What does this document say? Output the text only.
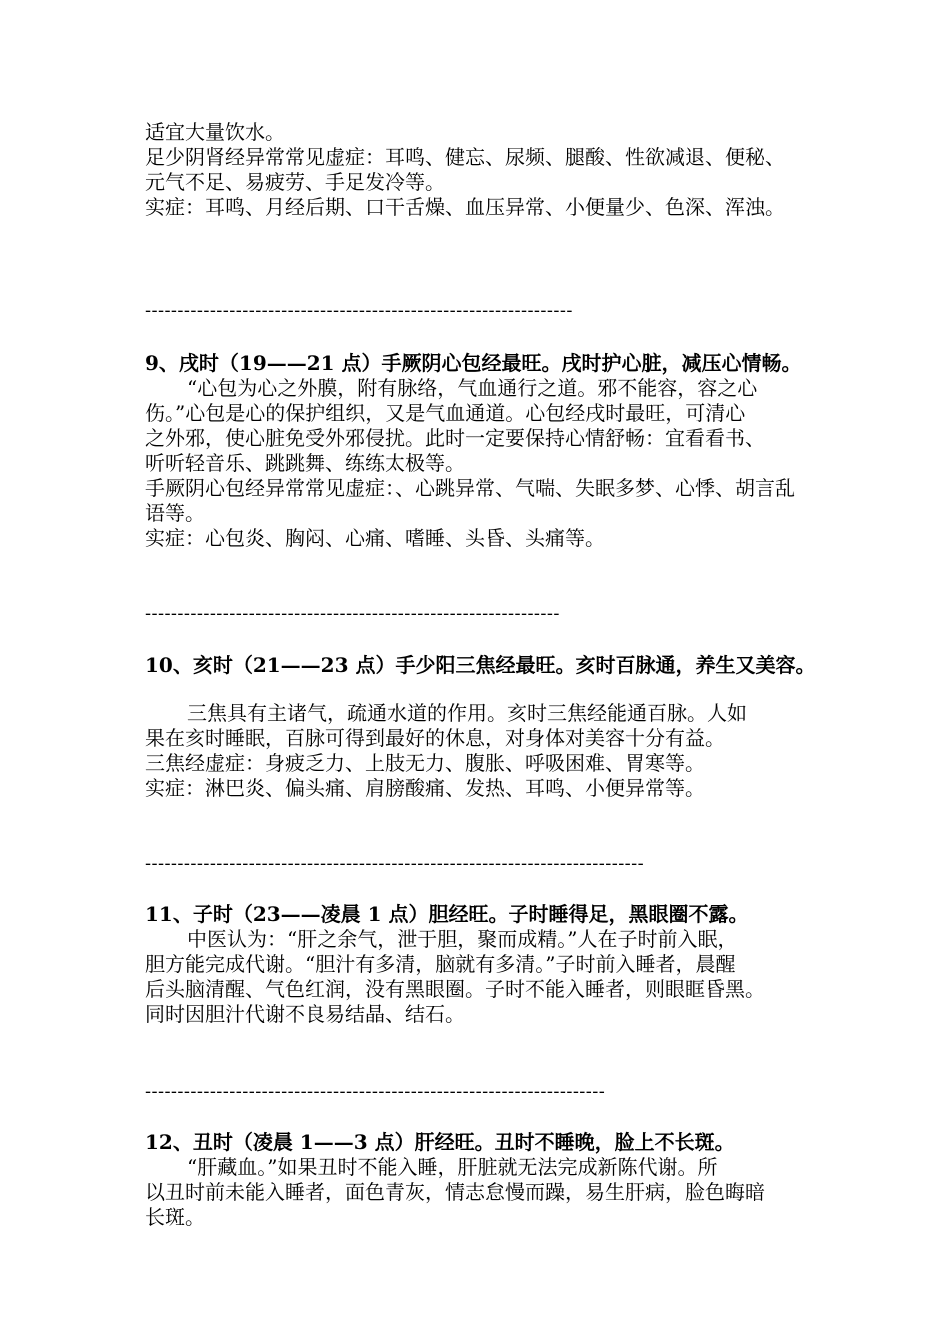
适宜大量饮水。
足少阴肾经异常常见虚症：耳鸣、健忘、尿频、腿酸、性欲减退、便秘、
元气不足、易疲劳、手足发冷等。
实症：耳鸣、月经后期、口干舌燥、血压异常、小便量少、色深、浑浊。
------------------------------------------------------------------
9、戌时（19——21 点）手厥阴心包经最旺。戌时护心脏，减压心情畅。
“心包为心之外膜，附有脉络，气血通行之道。邪不能容，容之心
伤。”心包是心的保护组织，又是气血通道。心包经戌时最旺，可清心
之外邪，使心脏免受外邪侵扰。此时一定要保持心情舒畅：宜看看书、
听听轻音乐、跳跳舞、练练太极等。
手厥阴心包经异常常见虚症：、心跳异常、气喘、失眠多梦、心悸、胡言乱
语等。
实症：心包炎、胸闷、心痛、嗜睡、头昏、头痛等。
----------------------------------------------------------------
10、亥时（21——23 点）手少阳三焦经最旺。亥时百脉通，养生又美容。
三焦具有主诸气，疏通水道的作用。亥时三焦经能通百脉。人如
果在亥时睡眠，百脉可得到最好的休息，对身体对美容十分有益。
三焦经虚症：身疲乏力、上肢无力、腹胀、呼吸困难、胃寒等。
实症：淋巴炎、偏头痛、肩膀酸痛、发热、耳鸣、小便异常等。
-----------------------------------------------------------------------------
11、子时（23——凌晨 1 点）胆经旺。子时睡得足，黑眼圈不露。
中医认为：“肝之余气，泄于胆，聚而成精。”人在子时前入眠，
胆方能完成代谢。“胆汁有多清，脑就有多清。”子时前入睡者，晨醒
后头脑清醒、气色红润，没有黑眼圈。子时不能入睡者，则眼眶昏黑。
同时因胆汁代谢不良易结晶、结石。
-----------------------------------------------------------------------
12、丑时（凌晨 1——3 点）肝经旺。丑时不睡晚，脸上不长斑。
“肝藏血。”如果丑时不能入睡，肝脏就无法完成新陈代谢。所
以丑时前未能入睡者，面色青灰，情志怠慢而躁，易生肝病，脸色晦暗
长斑。
